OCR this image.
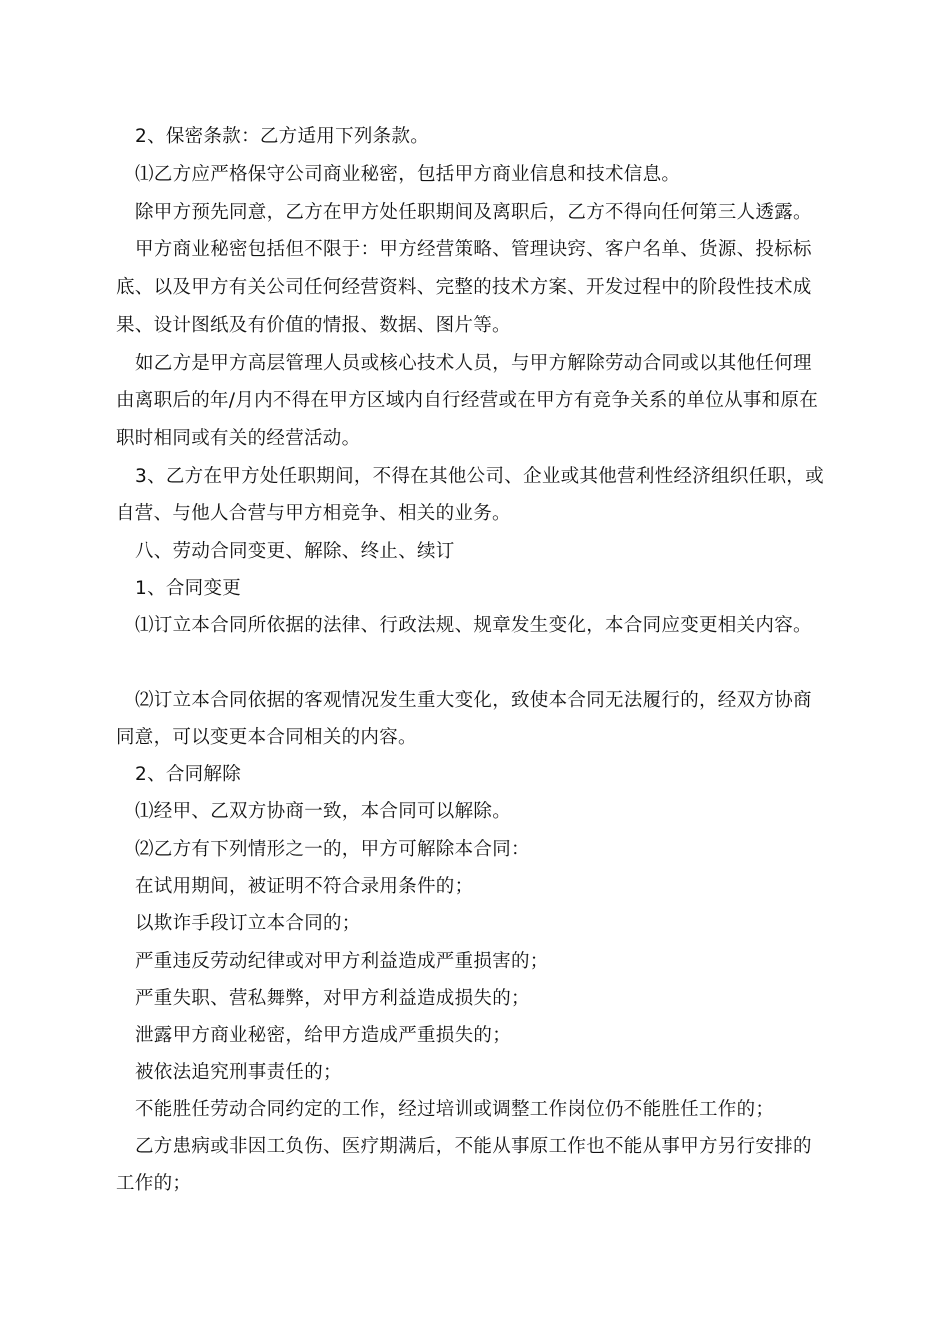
2、保密条款：乙方适用下列条款。
⑴乙方应严格保守公司商业秘密，包括甲方商业信息和技术信息。
除甲方预先同意，乙方在甲方处任职期间及离职后，乙方不得向任何第三人透露。
甲方商业秘密包括但不限于：甲方经营策略、管理诀窍、客户名单、货源、投标标
底、以及甲方有关公司任何经营资料、完整的技术方案、开发过程中的阶段性技术成
果、设计图纸及有价值的情报、数据、图片等。
如乙方是甲方高层管理人员或核心技术人员，与甲方解除劳动合同或以其他任何理
由离职后的年/月内不得在甲方区域内自行经营或在甲方有竞争关系的单位从事和原在
职时相同或有关的经营活动。
3、乙方在甲方处任职期间，不得在其他公司、企业或其他营利性经济组织任职，或
自营、与他人合营与甲方相竞争、相关的业务。
八、劳动合同变更、解除、终止、续订
1、合同变更
⑴订立本合同所依据的法律、行政法规、规章发生变化，本合同应变更相关内容。
⑵订立本合同依据的客观情况发生重大变化，致使本合同无法履行的，经双方协商
同意，可以变更本合同相关的内容。
2、合同解除
⑴经甲、乙双方协商一致，本合同可以解除。
⑵乙方有下列情形之一的，甲方可解除本合同：
在试用期间，被证明不符合录用条件的；
以欺诈手段订立本合同的；
严重违反劳动纪律或对甲方利益造成严重损害的；
严重失职、营私舞弊，对甲方利益造成损失的；
泄露甲方商业秘密，给甲方造成严重损失的；
被依法追究刑事责任的；
不能胜任劳动合同约定的工作，经过培训或调整工作岗位仍不能胜任工作的；
乙方患病或非因工负伤、医疗期满后，不能从事原工作也不能从事甲方另行安排的
工作的；
